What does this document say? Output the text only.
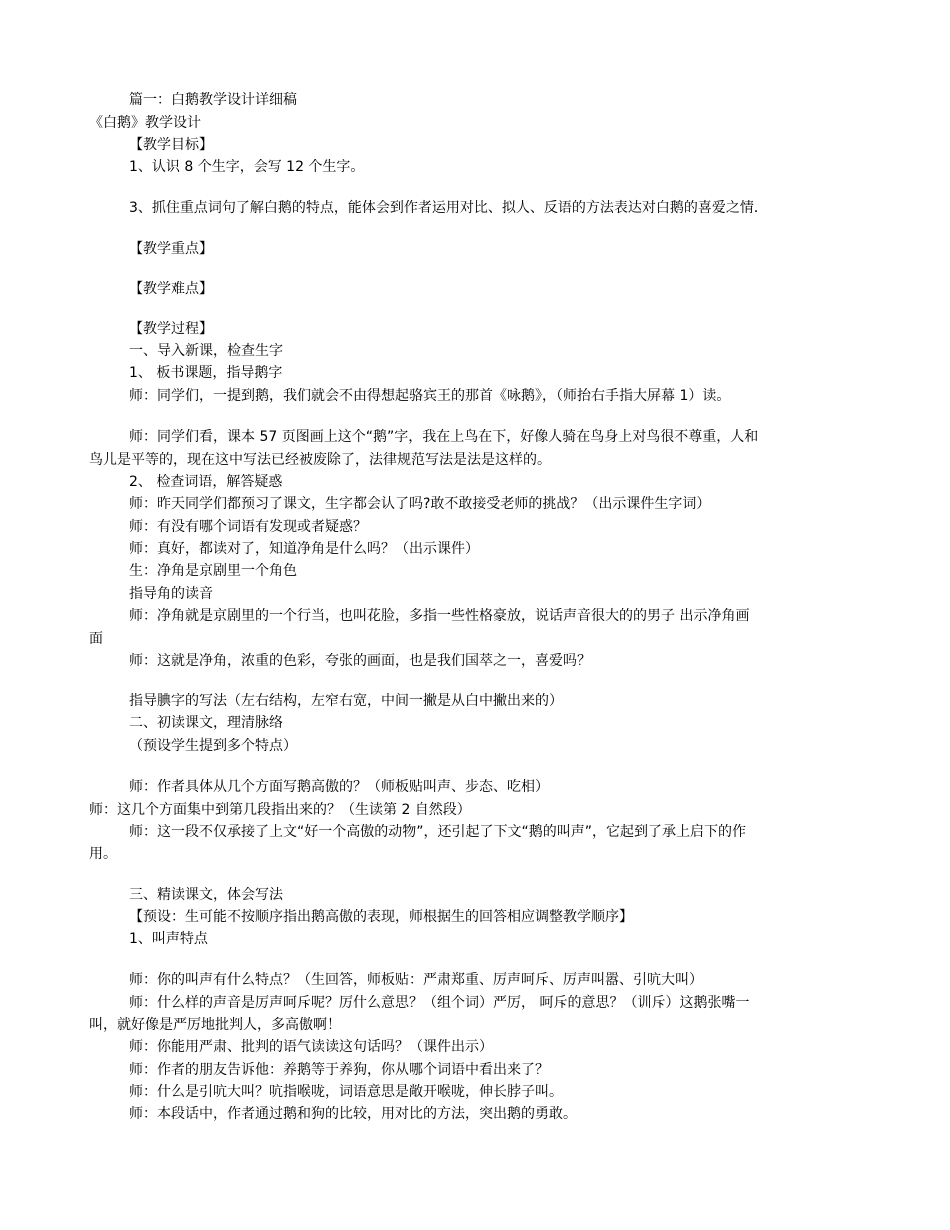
篇一：白鹅教学设计详细稿
《白鹅》教学设计
【教学目标】
1、认识 8 个生字，会写 12 个生字。
3、抓住重点词句了解白鹅的特点，能体会到作者运用对比、拟人、反语的方法表达对白鹅的喜爱之情．
【教学重点】
【教学难点】
【教学过程】
一、导入新课，检查生字
1、 板书课题，指导鹅字
师：同学们，一提到鹅，我们就会不由得想起骆宾王的那首《咏鹅》，（师抬右手指大屏幕 1）读。
师：同学们看，课本 57 页图画上这个“鹅”字，我在上鸟在下，好像人骑在鸟身上对鸟很不尊重，人和
鸟儿是平等的，现在这中写法已经被废除了，法律规范写法是法是这样的。
2、 检查词语，解答疑惑
师：昨天同学们都预习了课文，生字都会认了吗?敢不敢接受老师的挑战？（出示课件生字词）
师：有没有哪个词语有发现或者疑惑？
师：真好，都读对了，知道净角是什么吗？（出示课件）
生：净角是京剧里一个角色
指导角的读音
师：净角就是京剧里的一个行当，也叫花脸，多指一些性格豪放，说话声音很大的的男子 出示净角画
面
师：这就是净角，浓重的色彩，夸张的画面，也是我们国萃之一，喜爱吗？
指导腆字的写法（左右结构，左窄右宽，中间一撇是从白中撇出来的）
二、初读课文，理清脉络
（预设学生提到多个特点）
师：作者具体从几个方面写鹅高傲的？（师板贴叫声、步态、吃相）
师：这几个方面集中到第几段指出来的？（生读第 2 自然段）
师：这一段不仅承接了上文“好一个高傲的动物”，还引起了下文“鹅的叫声”，它起到了承上启下的作
用。
三、精读课文，体会写法
【预设：生可能不按顺序指出鹅高傲的表现，师根据生的回答相应调整教学顺序】
1、叫声特点
师：你的叫声有什么特点？（生回答，师板贴：严肃郑重、厉声呵斥、厉声叫嚣、引吭大叫）
师：什么样的声音是厉声呵斥呢？厉什么意思？（组个词）严厉， 呵斥的意思？（训斥）这鹅张嘴一
叫，就好像是严厉地批判人，多高傲啊！
师：你能用严肃、批判的语气读读这句话吗？（课件出示）
师：作者的朋友告诉他：养鹅等于养狗，你从哪个词语中看出来了？
师：什么是引吭大叫？吭指喉咙，词语意思是敞开喉咙，伸长脖子叫。
师：本段话中，作者通过鹅和狗的比较，用对比的方法，突出鹅的勇敢。
